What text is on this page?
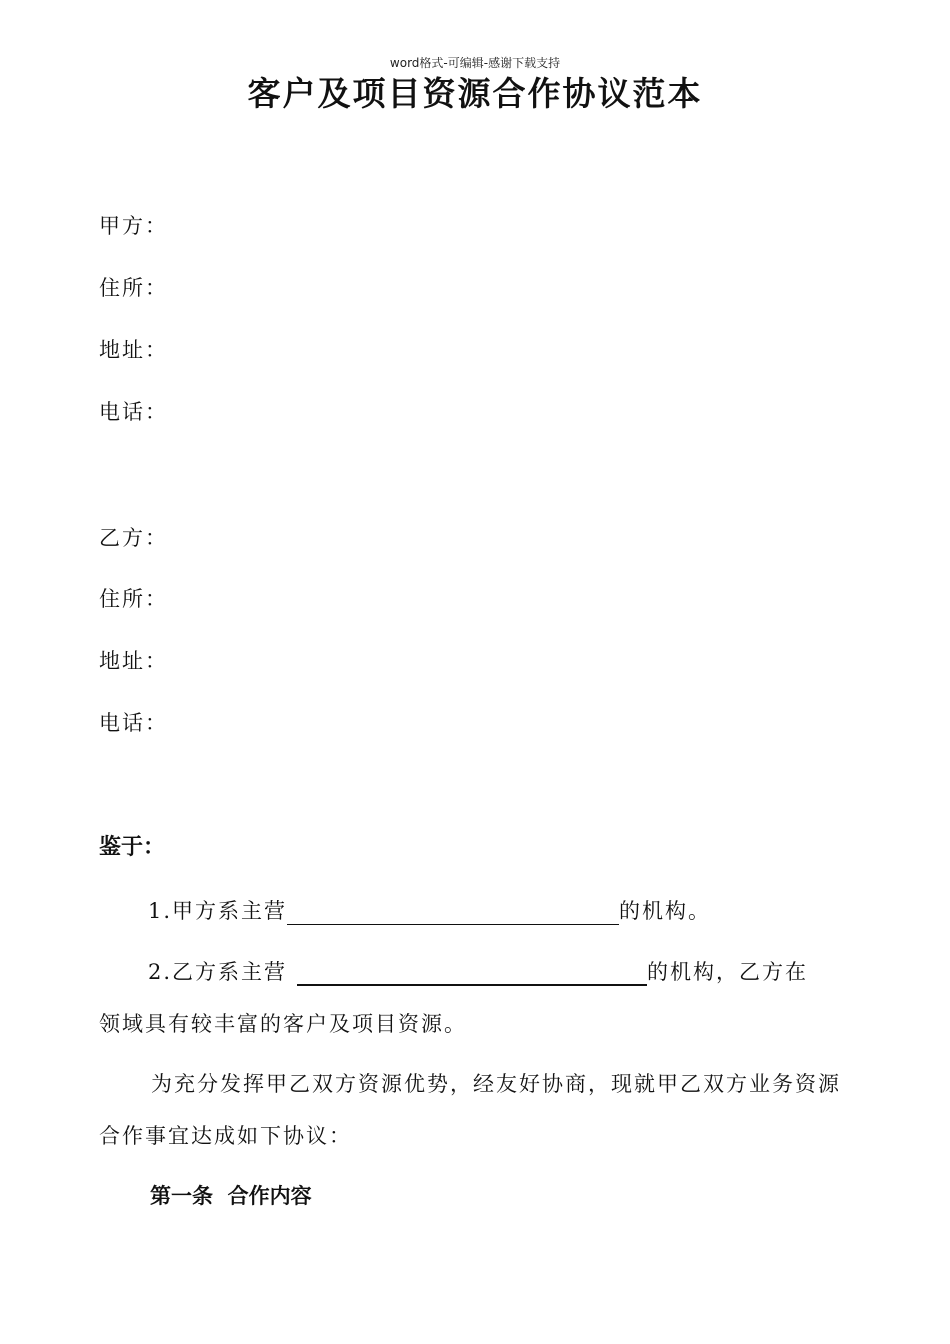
word格式-可编辑-感谢下载支持
客户及项目资源合作协议范本
甲方：
住所：
地址：
电话：
乙方：
住所：
地址：
电话：
鉴于：
1.甲方系主营	的机构。
2.乙方系主营	的机构，乙方在
领域具有较丰富的客户及项目资源。
为充分发挥甲乙双方资源优势，经友好协商，现就甲乙双方业务资源合作事宜达成如下协议：
第一条  合作内容
